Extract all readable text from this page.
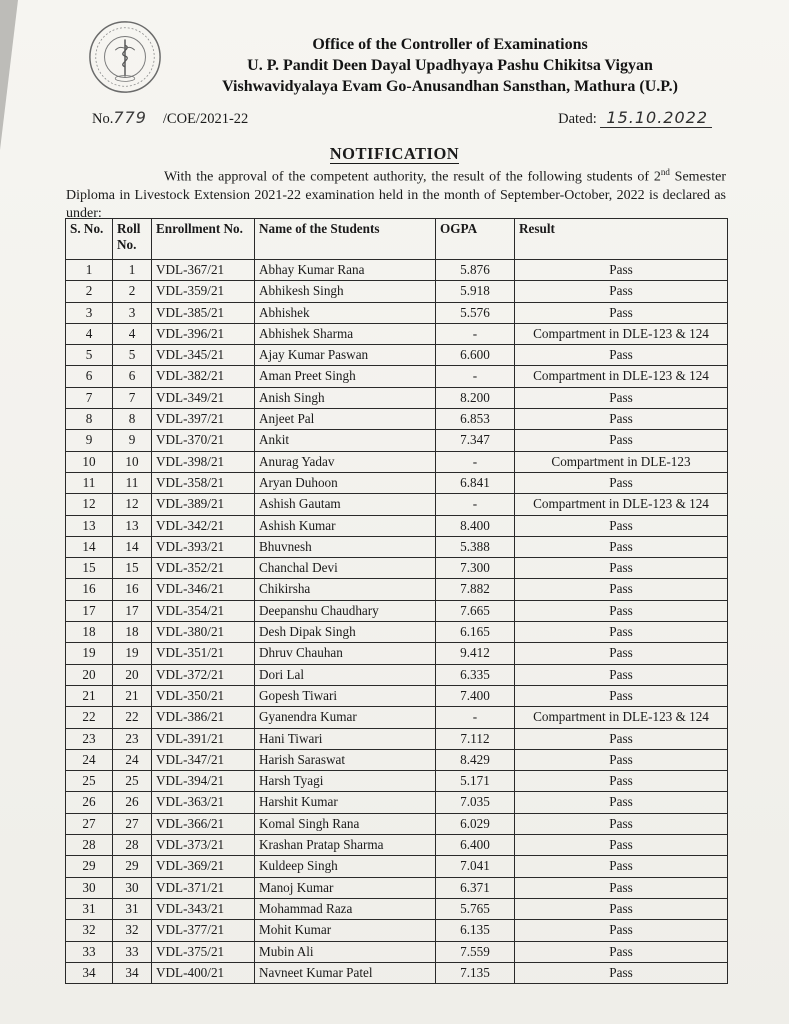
Office of the Controller of Examinations
U. P. Pandit Deen Dayal Upadhyaya Pashu Chikitsa Vigyan
Vishwavidyalaya Evam Go-Anusandhan Sansthan, Mathura (U.P.)
No.779 /COE/2021-22	Dated: 15.10.2022
NOTIFICATION
With the approval of the competent authority, the result of the following students of 2nd Semester Diploma in Livestock Extension 2021-22 examination held in the month of September-October, 2022 is declared as under:
S. No.	Roll No.	Enrollment No.	Name of the Students	OGPA	Result
1	1	VDL-367/21	Abhay Kumar Rana	5.876	Pass
2	2	VDL-359/21	Abhikesh Singh	5.918	Pass
3	3	VDL-385/21	Abhishek	5.576	Pass
4	4	VDL-396/21	Abhishek Sharma	-	Compartment in DLE-123 & 124
5	5	VDL-345/21	Ajay Kumar Paswan	6.600	Pass
6	6	VDL-382/21	Aman Preet Singh	-	Compartment in DLE-123 & 124
7	7	VDL-349/21	Anish Singh	8.200	Pass
8	8	VDL-397/21	Anjeet Pal	6.853	Pass
9	9	VDL-370/21	Ankit	7.347	Pass
10	10	VDL-398/21	Anurag Yadav	-	Compartment in DLE-123
11	11	VDL-358/21	Aryan Duhoon	6.841	Pass
12	12	VDL-389/21	Ashish Gautam	-	Compartment in DLE-123 & 124
13	13	VDL-342/21	Ashish Kumar	8.400	Pass
14	14	VDL-393/21	Bhuvnesh	5.388	Pass
15	15	VDL-352/21	Chanchal Devi	7.300	Pass
16	16	VDL-346/21	Chikirsha	7.882	Pass
17	17	VDL-354/21	Deepanshu Chaudhary	7.665	Pass
18	18	VDL-380/21	Desh Dipak Singh	6.165	Pass
19	19	VDL-351/21	Dhruv Chauhan	9.412	Pass
20	20	VDL-372/21	Dori Lal	6.335	Pass
21	21	VDL-350/21	Gopesh Tiwari	7.400	Pass
22	22	VDL-386/21	Gyanendra Kumar	-	Compartment in DLE-123 & 124
23	23	VDL-391/21	Hani Tiwari	7.112	Pass
24	24	VDL-347/21	Harish Saraswat	8.429	Pass
25	25	VDL-394/21	Harsh Tyagi	5.171	Pass
26	26	VDL-363/21	Harshit Kumar	7.035	Pass
27	27	VDL-366/21	Komal Singh Rana	6.029	Pass
28	28	VDL-373/21	Krashan Pratap Sharma	6.400	Pass
29	29	VDL-369/21	Kuldeep Singh	7.041	Pass
30	30	VDL-371/21	Manoj Kumar	6.371	Pass
31	31	VDL-343/21	Mohammad Raza	5.765	Pass
32	32	VDL-377/21	Mohit Kumar	6.135	Pass
33	33	VDL-375/21	Mubin Ali	7.559	Pass
34	34	VDL-400/21	Navneet Kumar Patel	7.135	Pass
